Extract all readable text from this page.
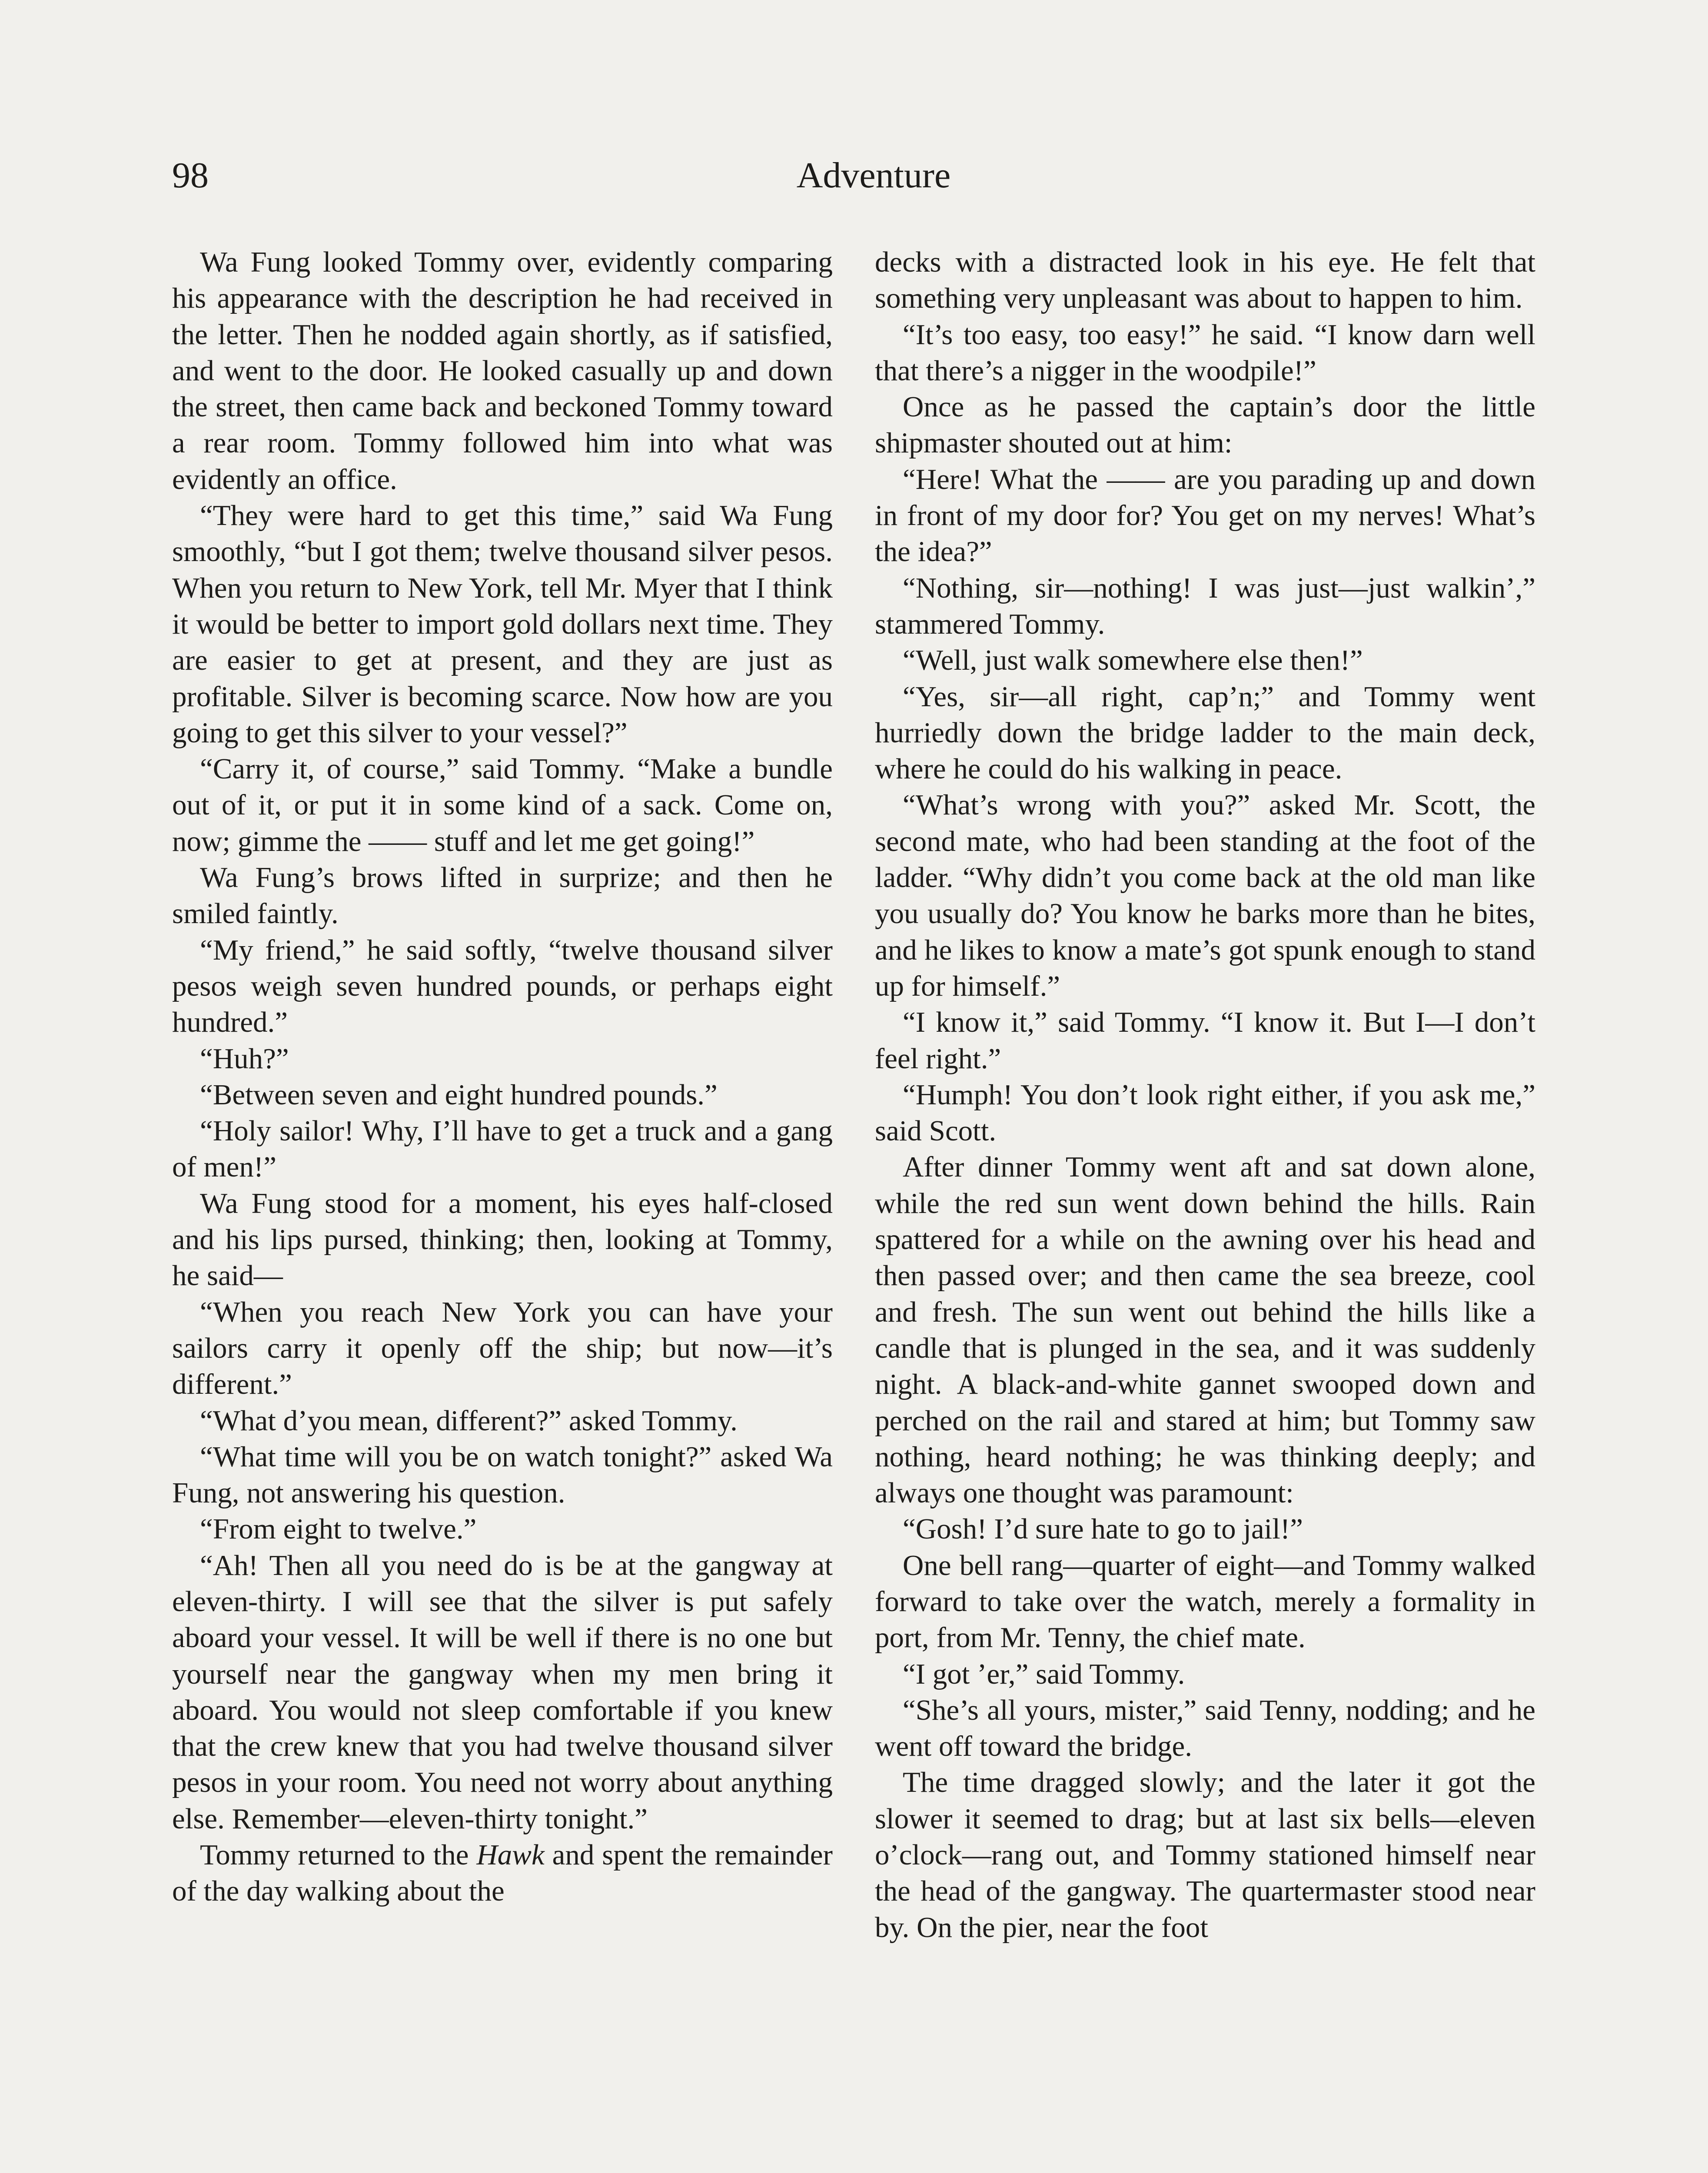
98	Adventure

Wa Fung looked Tommy over, evidently comparing his appearance with the description he had received in the letter. Then he nodded again shortly, as if satisfied, and went to the door. He looked casually up and down the street, then came back and beckoned Tommy toward a rear room. Tommy followed him into what was evidently an office.

“They were hard to get this time,” said Wa Fung smoothly, “but I got them; twelve thousand silver pesos. When you return to New York, tell Mr. Myer that I think it would be better to import gold dollars next time. They are easier to get at present, and they are just as profitable. Silver is becoming scarce. Now how are you going to get this silver to your vessel?”

“Carry it, of course,” said Tommy. “Make a bundle out of it, or put it in some kind of a sack. Come on, now; gimme the —— stuff and let me get going!”

Wa Fung’s brows lifted in surprize; and then he smiled faintly.

“My friend,” he said softly, “twelve thousand silver pesos weigh seven hundred pounds, or perhaps eight hundred.”

“Huh?”

“Between seven and eight hundred pounds.”

“Holy sailor! Why, I’ll have to get a truck and a gang of men!”

Wa Fung stood for a moment, his eyes half-closed and his lips pursed, thinking; then, looking at Tommy, he said—

“When you reach New York you can have your sailors carry it openly off the ship; but now—it’s different.”

“What d’you mean, different?” asked Tommy.

“What time will you be on watch tonight?” asked Wa Fung, not answering his question.

“From eight to twelve.”

“Ah! Then all you need do is be at the gangway at eleven-thirty. I will see that the silver is put safely aboard your vessel. It will be well if there is no one but yourself near the gangway when my men bring it aboard. You would not sleep comfortable if you knew that the crew knew that you had twelve thousand silver pesos in your room. You need not worry about anything else. Remember—eleven-thirty tonight.”

Tommy returned to the Hawk and spent the remainder of the day walking about the

decks with a distracted look in his eye. He felt that something very unpleasant was about to happen to him.

“It’s too easy, too easy!” he said. “I know darn well that there’s a nigger in the woodpile!”

Once as he passed the captain’s door the little shipmaster shouted out at him:

“Here! What the —— are you parading up and down in front of my door for? You get on my nerves! What’s the idea?”

“Nothing, sir—nothing! I was just—just walkin’,” stammered Tommy.

“Well, just walk somewhere else then!”

“Yes, sir—all right, cap’n;” and Tommy went hurriedly down the bridge ladder to the main deck, where he could do his walking in peace.

“What’s wrong with you?” asked Mr. Scott, the second mate, who had been standing at the foot of the ladder. “Why didn’t you come back at the old man like you usually do? You know he barks more than he bites, and he likes to know a mate’s got spunk enough to stand up for himself.”

“I know it,” said Tommy. “I know it. But I—I don’t feel right.”

“Humph! You don’t look right either, if you ask me,” said Scott.

After dinner Tommy went aft and sat down alone, while the red sun went down behind the hills. Rain spattered for a while on the awning over his head and then passed over; and then came the sea breeze, cool and fresh. The sun went out behind the hills like a candle that is plunged in the sea, and it was suddenly night. A black-and-white gannet swooped down and perched on the rail and stared at him; but Tommy saw nothing, heard nothing; he was thinking deeply; and always one thought was paramount:

“Gosh! I’d sure hate to go to jail!”

One bell rang—quarter of eight—and Tommy walked forward to take over the watch, merely a formality in port, from Mr. Tenny, the chief mate.

“I got ’er,” said Tommy.

“She’s all yours, mister,” said Tenny, nodding; and he went off toward the bridge.

The time dragged slowly; and the later it got the slower it seemed to drag; but at last six bells—eleven o’clock—rang out, and Tommy stationed himself near the head of the gangway. The quartermaster stood near by. On the pier, near the foot
